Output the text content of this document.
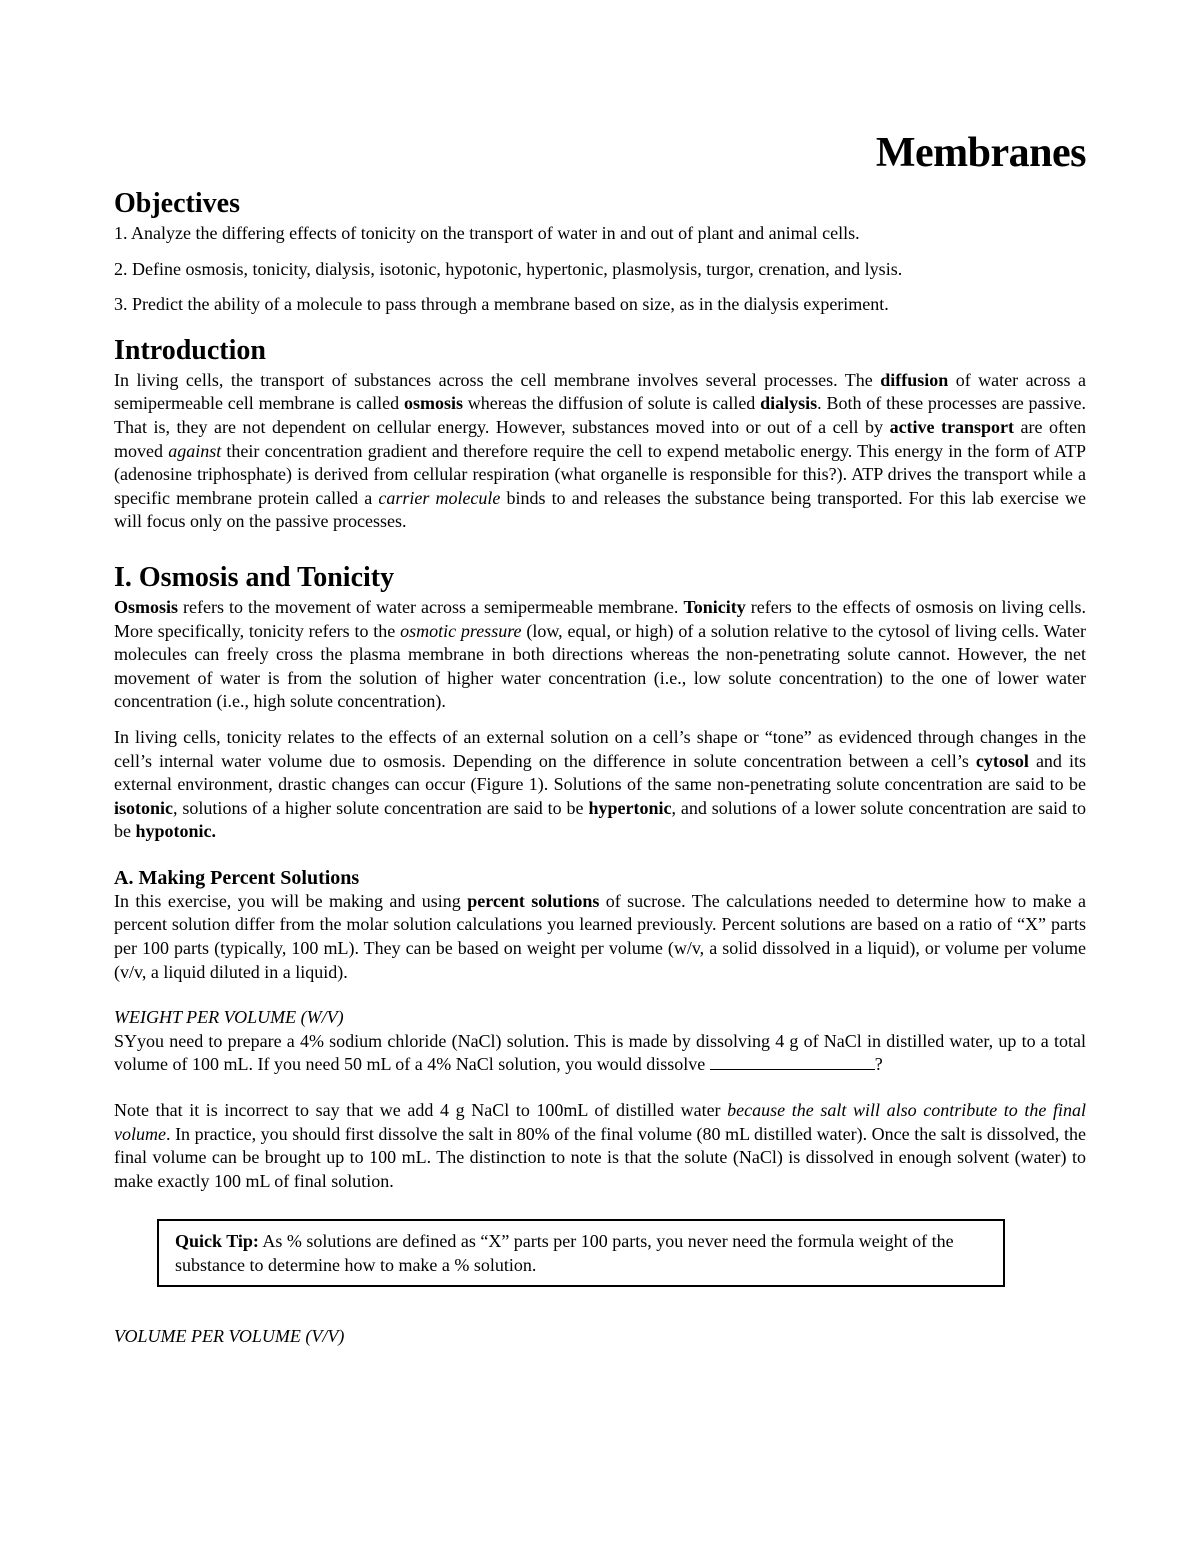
Membranes
Objectives

1. Analyze the differing effects of tonicity on the transport of water in and out of plant and animal cells.

2. Define osmosis, tonicity, dialysis, isotonic, hypotonic, hypertonic, plasmolysis, turgor, crenation, and lysis.

3. Predict the ability of a molecule to pass through a membrane based on size, as in the dialysis experiment.

Introduction

In living cells, the transport of substances across the cell membrane involves several processes. The diffusion of water across a semipermeable cell membrane is called osmosis whereas the diffusion of solute is called dialysis. Both of these processes are passive. That is, they are not dependent on cellular energy. However, substances moved into or out of a cell by active transport are often moved against their concentration gradient and therefore require the cell to expend metabolic energy. This energy in the form of ATP (adenosine triphosphate) is derived from cellular respiration (what organelle is responsible for this?). ATP drives the transport while a specific membrane protein called a carrier molecule binds to and releases the substance being transported. For this lab exercise we will focus only on the passive processes.

I. Osmosis and Tonicity

Osmosis refers to the movement of water across a semipermeable membrane. Tonicity refers to the effects of osmosis on living cells. More specifically, tonicity refers to the osmotic pressure (low, equal, or high) of a solution relative to the cytosol of living cells. Water molecules can freely cross the plasma membrane in both directions whereas the non-penetrating solute cannot. However, the net movement of water is from the solution of higher water concentration (i.e., low solute concentration) to the one of lower water concentration (i.e., high solute concentration).

In living cells, tonicity relates to the effects of an external solution on a cell’s shape or “tone” as evidenced through changes in the cell’s internal water volume due to osmosis. Depending on the difference in solute concentration between a cell’s cytosol and its external environment, drastic changes can occur (Figure 1). Solutions of the same non-penetrating solute concentration are said to be isotonic, solutions of a higher solute concentration are said to be hypertonic, and solutions of a lower solute concentration are said to be hypotonic.

A. Making Percent Solutions

In this exercise, you will be making and using percent solutions of sucrose. The calculations needed to determine how to make a percent solution differ from the molar solution calculations you learned previously. Percent solutions are based on a ratio of “X” parts per 100 parts (typically, 100 mL). They can be based on weight per volume (w/v, a solid dissolved in a liquid), or volume per volume (v/v, a liquid diluted in a liquid).

WEIGHT PER VOLUME (W/V)

SYyou need to prepare a 4% sodium chloride (NaCl) solution. This is made by dissolving 4 g of NaCl in distilled water, up to a total volume of 100 mL. If you need 50 mL of a 4% NaCl solution, you would dissolve	?

Note that it is incorrect to say that we add 4 g NaCl to 100mL of distilled water because the salt will also contribute to the final volume. In practice, you should first dissolve the salt in 80% of the final volume (80 mL distilled water). Once the salt is dissolved, the final volume can be brought up to 100 mL. The distinction to note is that the solute (NaCl) is dissolved in enough solvent (water) to make exactly 100 mL of final solution.

Quick Tip: As % solutions are defined as “X” parts per 100 parts, you never need the formula weight of the substance to determine how to make a % solution.

VOLUME PER VOLUME (V/V)
